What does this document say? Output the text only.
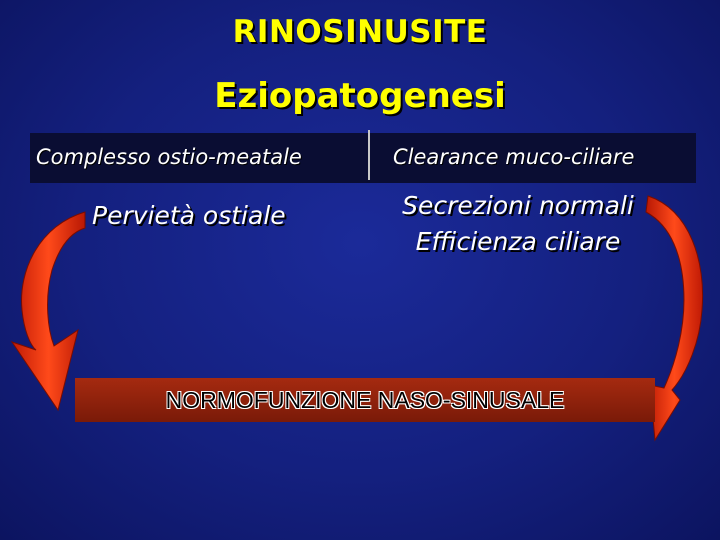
RINOSINUSITE
Eziopatogenesi
Complesso ostio-meatale	Clearance muco-ciliare
Pervietà ostiale	Secrezioni normali
Efficienza ciliare
NORMOFUNZIONE NASO-SINUSALE
